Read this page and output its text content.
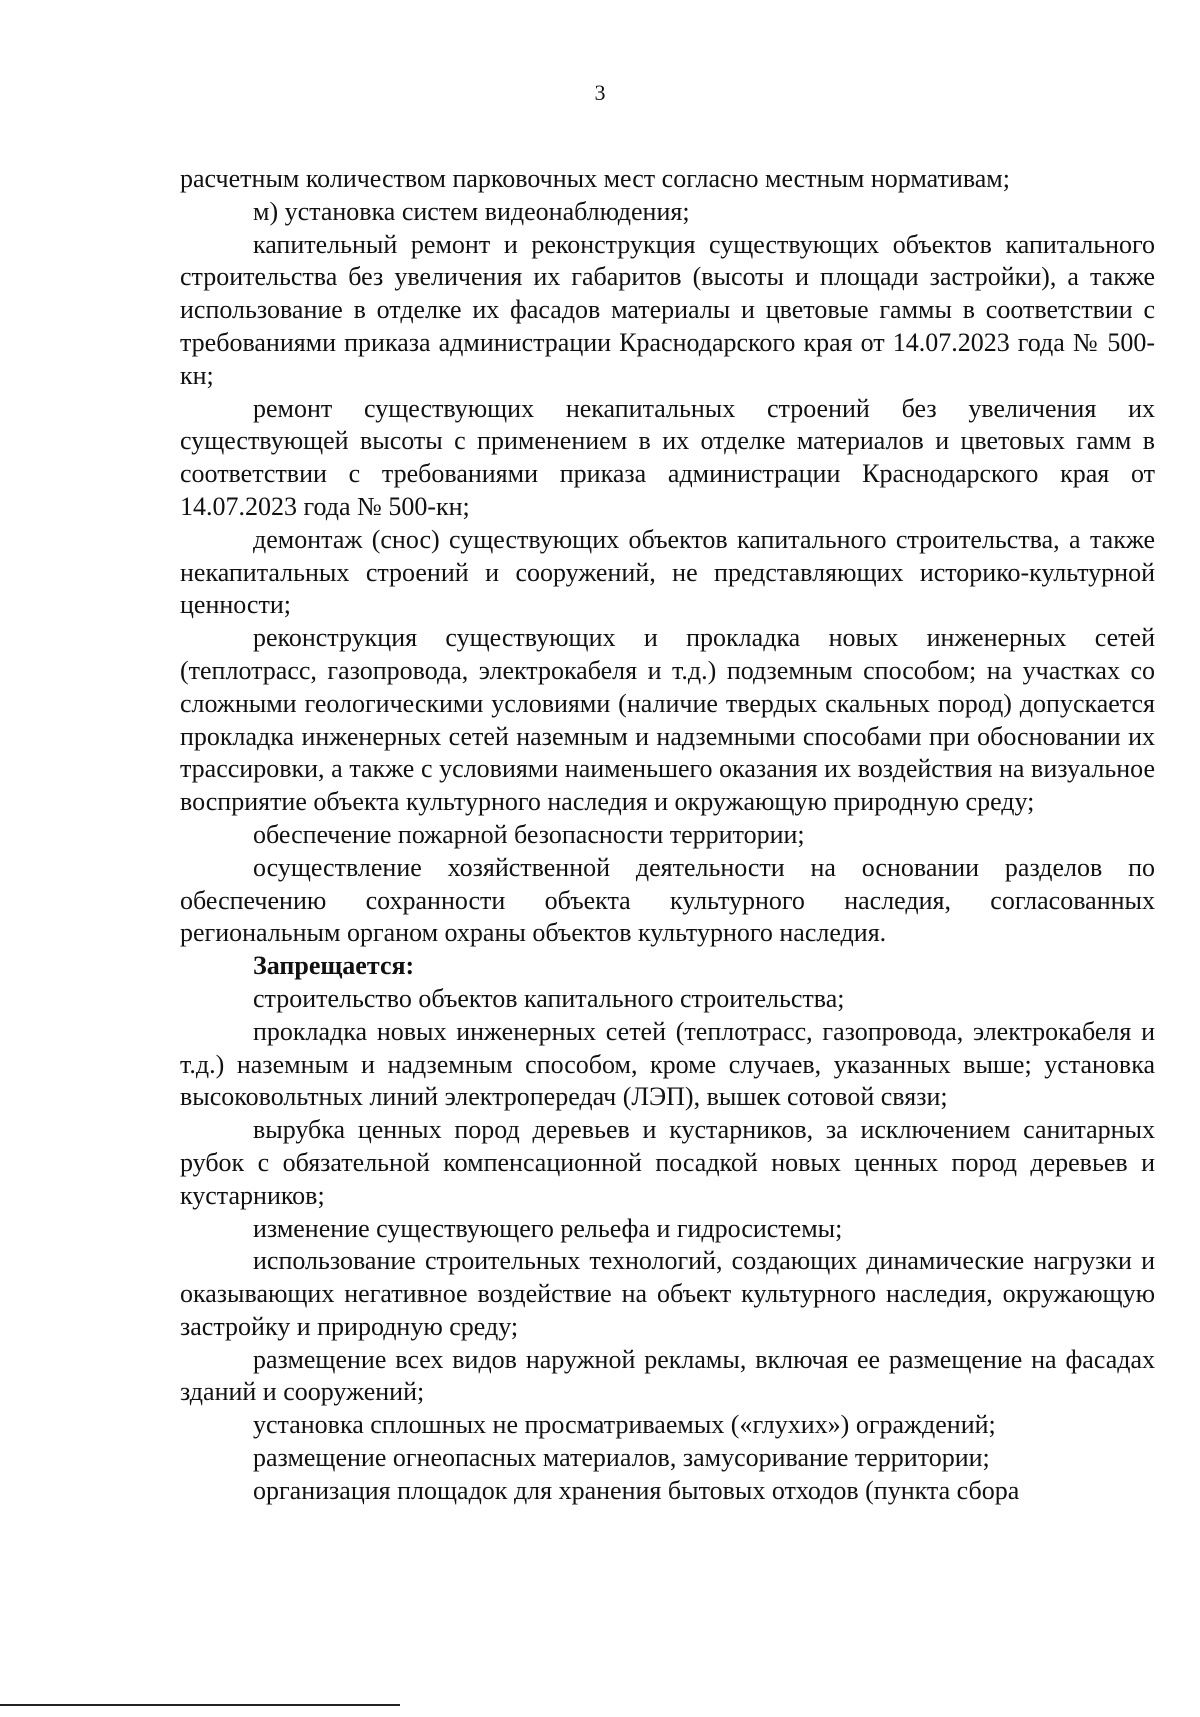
3

расчетным количеством парковочных мест согласно местным нормативам;

м) установка систем видеонаблюдения;

капительный ремонт и реконструкция существующих объектов капитального строительства без увеличения их габаритов (высоты и площади застройки), а также использование в отделке их фасадов материалы и цветовые гаммы в соответствии с требованиями приказа администрации Краснодарского края от 14.07.2023 года № 500-кн;

ремонт существующих некапитальных строений без увеличения их существующей высоты с применением в их отделке материалов и цветовых гамм в соответствии с требованиями приказа администрации Краснодарского края от 14.07.2023 года № 500-кн;

демонтаж (снос) существующих объектов капитального строительства, а также некапитальных строений и сооружений, не представляющих историко-культурной ценности;

реконструкция существующих и прокладка новых инженерных сетей (теплотрасс, газопровода, электрокабеля и т.д.) подземным способом; на участках со сложными геологическими условиями (наличие твердых скальных пород) допускается прокладка инженерных сетей наземным и надземными способами при обосновании их трассировки, а также с условиями наименьшего оказания их воздействия на визуальное восприятие объекта культурного наследия и окружающую природную среду;

обеспечение пожарной безопасности территории;

осуществление хозяйственной деятельности на основании разделов по обеспечению сохранности объекта культурного наследия, согласованных региональным органом охраны объектов культурного наследия.

Запрещается:

строительство объектов капитального строительства;

прокладка новых инженерных сетей (теплотрасс, газопровода, электрокабеля и т.д.) наземным и надземным способом, кроме случаев, указанных выше; установка высоковольтных линий электропередач (ЛЭП), вышек сотовой связи;

вырубка ценных пород деревьев и кустарников, за исключением санитарных рубок с обязательной компенсационной посадкой новых ценных пород деревьев и кустарников;

изменение существующего рельефа и гидросистемы;

использование строительных технологий, создающих динамические нагрузки и оказывающих негативное воздействие на объект культурного наследия, окружающую застройку и природную среду;

размещение всех видов наружной рекламы, включая ее размещение на фасадах зданий и сооружений;

установка сплошных не просматриваемых («глухих») ограждений;

размещение огнеопасных материалов, замусоривание территории;

организация площадок для хранения бытовых отходов (пункта сбора
